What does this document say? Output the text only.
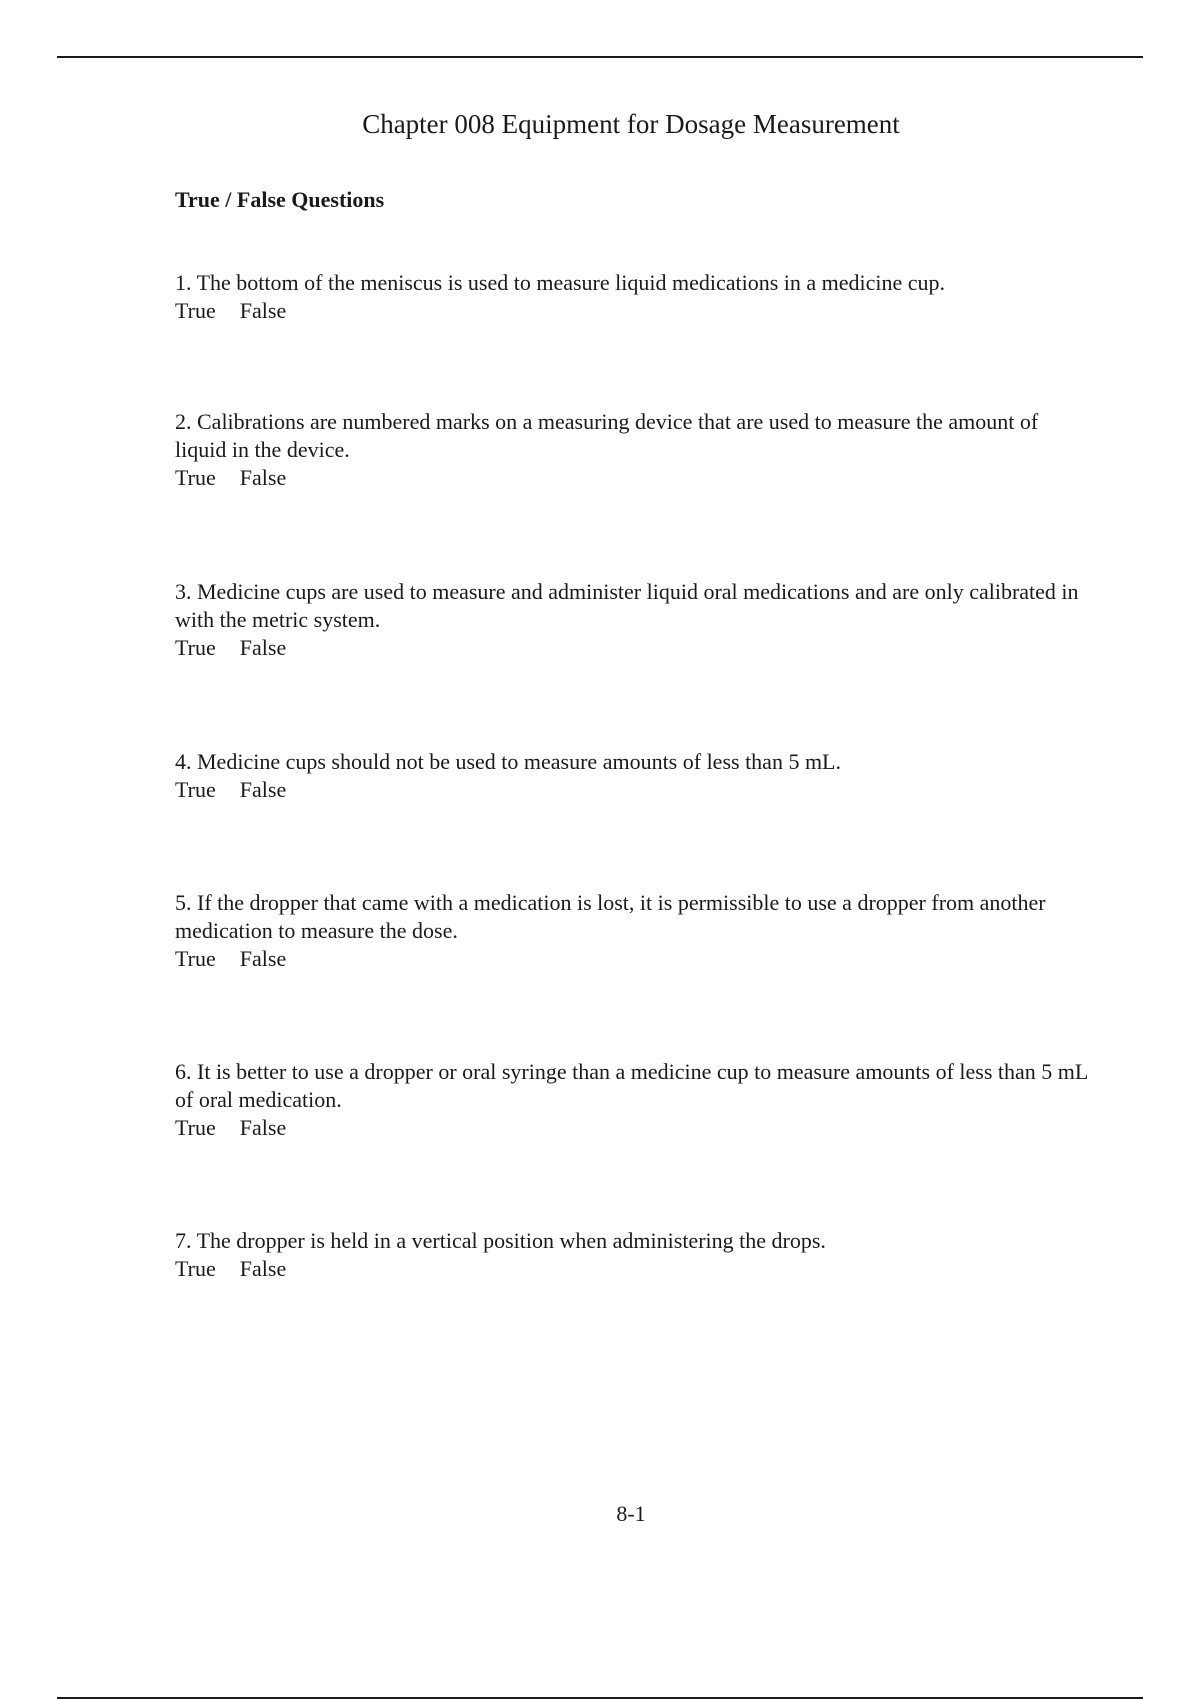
Chapter 008 Equipment for Dosage Measurement
True / False Questions

1. The bottom of the meniscus is used to measure liquid medications in a medicine cup.

True False

2. Calibrations are numbered marks on a measuring device that are used to measure the amount of liquid in the device.

True False

3. Medicine cups are used to measure and administer liquid oral medications and are only calibrated in with the metric system.

True False

4. Medicine cups should not be used to measure amounts of less than 5 mL.

True False

5. If the dropper that came with a medication is lost, it is permissible to use a dropper from another medication to measure the dose.

True False

6. It is better to use a dropper or oral syringe than a medicine cup to measure amounts of less than 5 mL of oral medication.

True False

7. The dropper is held in a vertical position when administering the drops.

True False
8-1
